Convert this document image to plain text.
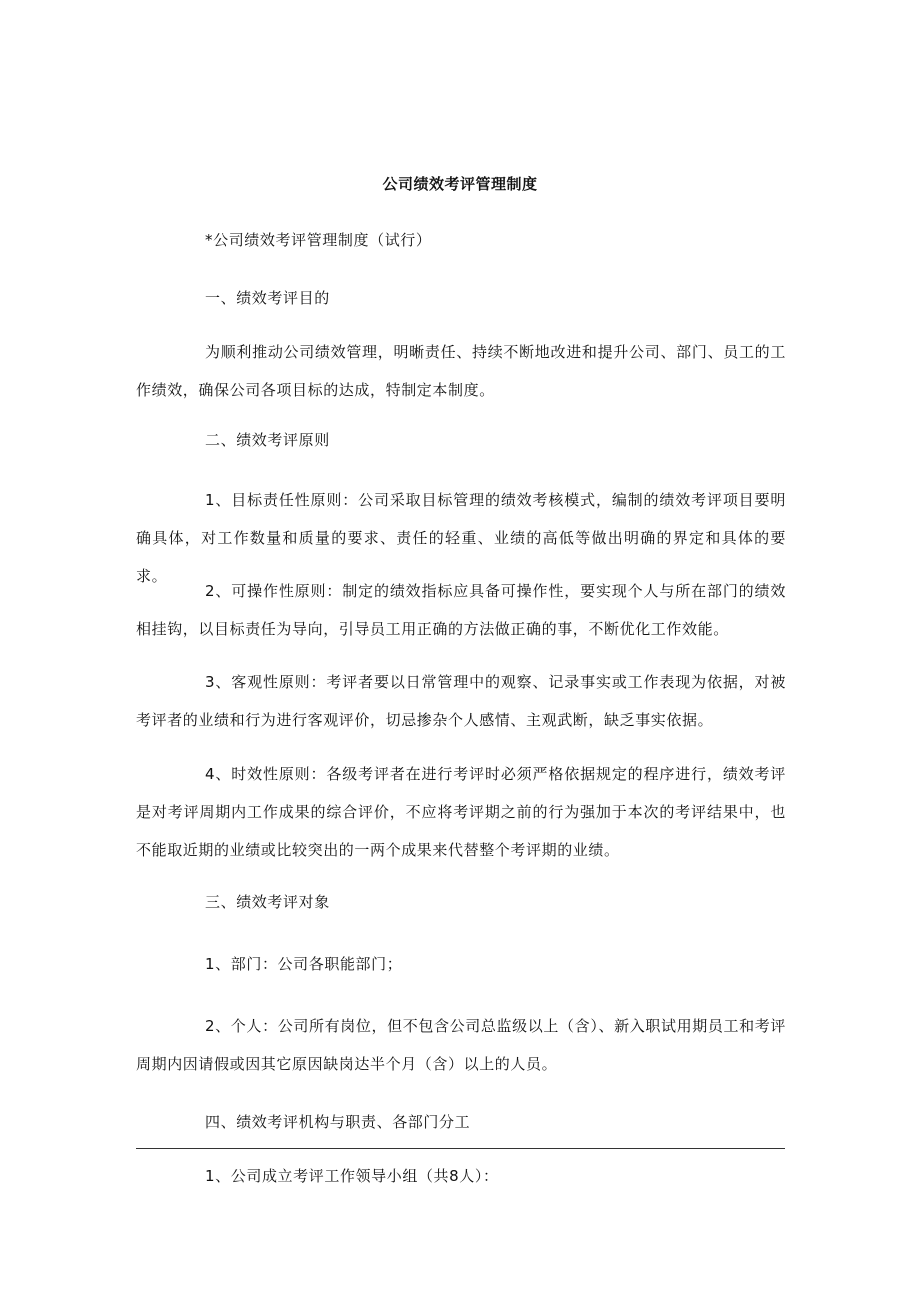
公司绩效考评管理制度
*公司绩效考评管理制度（试行）
一、绩效考评目的
为顺利推动公司绩效管理，明晰责任、持续不断地改进和提升公司、部门、员工的工作绩效，确保公司各项目标的达成，特制定本制度。
二、绩效考评原则
1、目标责任性原则：公司采取目标管理的绩效考核模式，编制的绩效考评项目要明确具体，对工作数量和质量的要求、责任的轻重、业绩的高低等做出明确的界定和具体的要求。
2、可操作性原则：制定的绩效指标应具备可操作性，要实现个人与所在部门的绩效相挂钩，以目标责任为导向，引导员工用正确的方法做正确的事，不断优化工作效能。
3、客观性原则：考评者要以日常管理中的观察、记录事实或工作表现为依据，对被考评者的业绩和行为进行客观评价，切忌掺杂个人感情、主观武断，缺乏事实依据。
4、时效性原则：各级考评者在进行考评时必须严格依据规定的程序进行，绩效考评是对考评周期内工作成果的综合评价，不应将考评期之前的行为强加于本次的考评结果中，也不能取近期的业绩或比较突出的一两个成果来代替整个考评期的业绩。
三、绩效考评对象
1、部门：公司各职能部门；
2、个人：公司所有岗位，但不包含公司总监级以上（含）、新入职试用期员工和考评周期内因请假或因其它原因缺岗达半个月（含）以上的人员。
四、绩效考评机构与职责、各部门分工
1、公司成立考评工作领导小组（共8人）：
